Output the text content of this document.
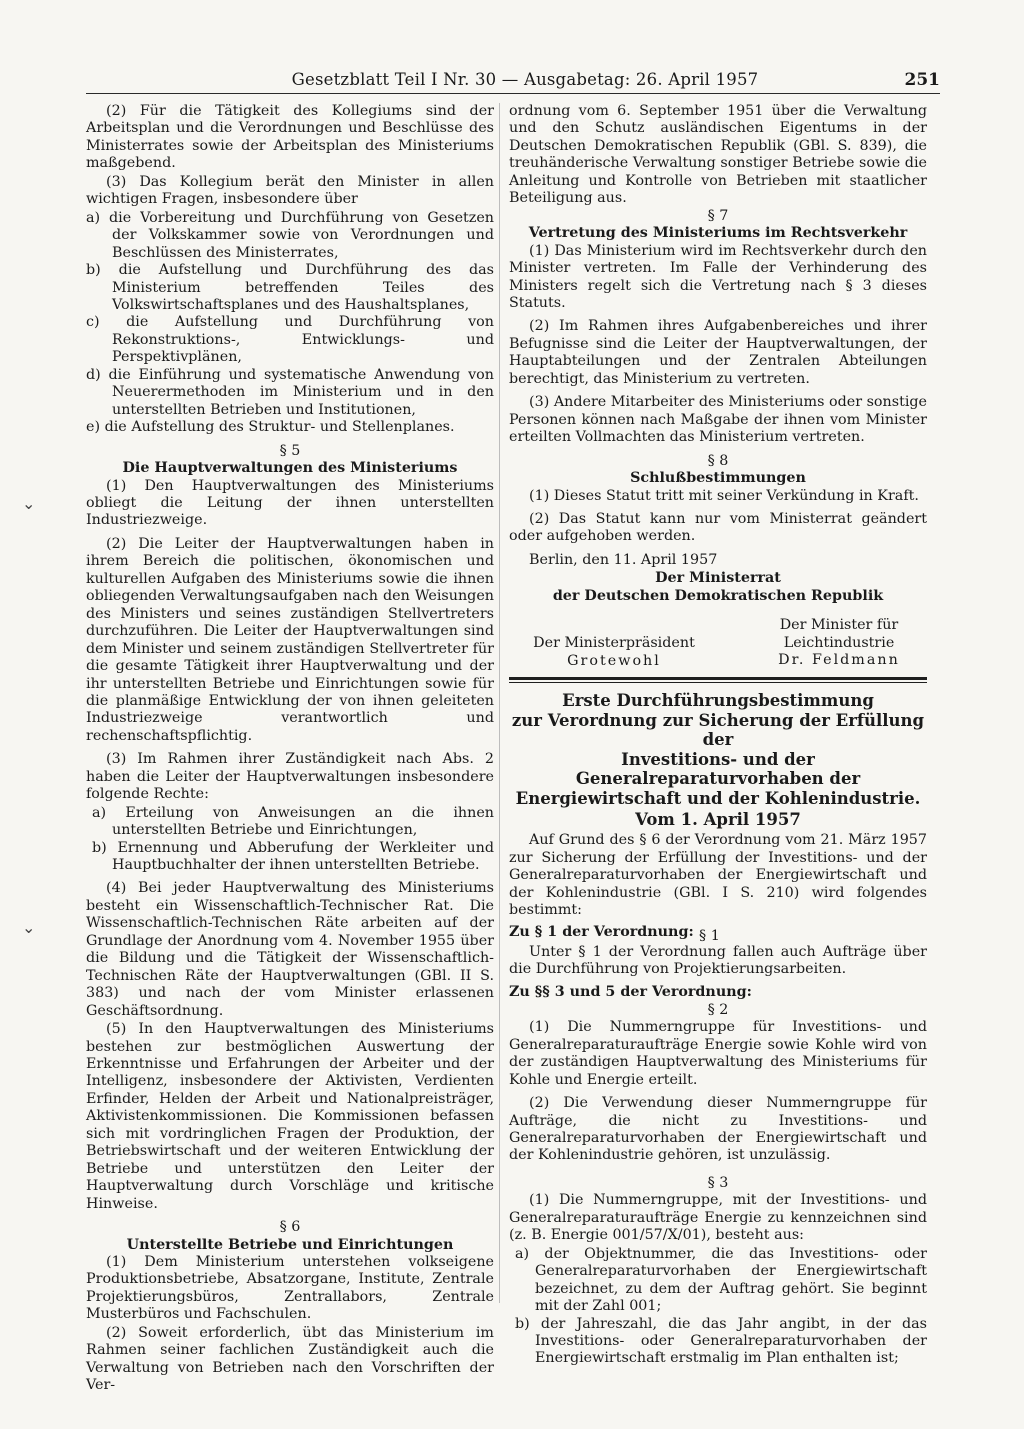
Gesetzblatt Teil I Nr. 30 — Ausgabetag: 26. April 1957	251
⌄
⌄

(2) Für die Tätigkeit des Kollegiums sind der Arbeitsplan und die Verordnungen und Beschlüsse des Ministerrates sowie der Arbeitsplan des Ministeriums maßgebend.

(3) Das Kollegium berät den Minister in allen wichtigen Fragen, insbesondere über

a) die Vorbereitung und Durchführung von Gesetzen der Volkskammer sowie von Verordnungen und Beschlüssen des Ministerrates,

b) die Aufstellung und Durchführung des das Ministerium betreffenden Teiles des Volkswirtschaftsplanes und des Haushaltsplanes,

c) die Aufstellung und Durchführung von Rekonstruktions-, Entwicklungs- und Perspektivplänen,

d) die Einführung und systematische Anwendung von Neuerermethoden im Ministerium und in den unterstellten Betrieben und Institutionen,

e) die Aufstellung des Struktur- und Stellenplanes.

§ 5

Die Hauptverwaltungen des Ministeriums

(1) Den Hauptverwaltungen des Ministeriums obliegt die Leitung der ihnen unterstellten Industriezweige.

(2) Die Leiter der Hauptverwaltungen haben in ihrem Bereich die politischen, ökonomischen und kulturellen Aufgaben des Ministeriums sowie die ihnen obliegenden Verwaltungsaufgaben nach den Weisungen des Ministers und seines zuständigen Stellvertreters durchzuführen. Die Leiter der Hauptverwaltungen sind dem Minister und seinem zuständigen Stellvertreter für die gesamte Tätigkeit ihrer Hauptverwaltung und der ihr unterstellten Betriebe und Einrichtungen sowie für die planmäßige Entwicklung der von ihnen geleiteten Industriezweige verantwortlich und rechenschaftspflichtig.

(3) Im Rahmen ihrer Zuständigkeit nach Abs. 2 haben die Leiter der Hauptverwaltungen insbesondere folgende Rechte:

a) Erteilung von Anweisungen an die ihnen unterstellten Betriebe und Einrichtungen,

b) Ernennung und Abberufung der Werkleiter und Hauptbuchhalter der ihnen unterstellten Betriebe.

(4) Bei jeder Hauptverwaltung des Ministeriums besteht ein Wissenschaftlich-Technischer Rat. Die Wissenschaftlich-Technischen Räte arbeiten auf der Grundlage der Anordnung vom 4. November 1955 über die Bildung und die Tätigkeit der Wissenschaftlich-Technischen Räte der Hauptverwaltungen (GBl. II S. 383) und nach der vom Minister erlassenen Geschäftsordnung.

(5) In den Hauptverwaltungen des Ministeriums bestehen zur bestmöglichen Auswertung der Erkenntnisse und Erfahrungen der Arbeiter und der Intelligenz, insbesondere der Aktivisten, Verdienten Erfinder, Helden der Arbeit und Nationalpreisträger, Aktivistenkommissionen. Die Kommissionen befassen sich mit vordringlichen Fragen der Produktion, der Betriebswirtschaft und der weiteren Entwicklung der Betriebe und unterstützen den Leiter der Hauptverwaltung durch Vorschläge und kritische Hinweise.

§ 6

Unterstellte Betriebe und Einrichtungen

(1) Dem Ministerium unterstehen volkseigene Produktionsbetriebe, Absatzorgane, Institute, Zentrale Projektierungsbüros, Zentrallabors, Zentrale Musterbüros und Fachschulen.

(2) Soweit erforderlich, übt das Ministerium im Rahmen seiner fachlichen Zuständigkeit auch die Verwaltung von Betrieben nach den Vorschriften der Ver-

ordnung vom 6. September 1951 über die Verwaltung und den Schutz ausländischen Eigentums in der Deutschen Demokratischen Republik (GBl. S. 839), die treuhänderische Verwaltung sonstiger Betriebe sowie die Anleitung und Kontrolle von Betrieben mit staatlicher Beteiligung aus.

§ 7

Vertretung des Ministeriums im Rechtsverkehr

(1) Das Ministerium wird im Rechtsverkehr durch den Minister vertreten. Im Falle der Verhinderung des Ministers regelt sich die Vertretung nach § 3 dieses Statuts.

(2) Im Rahmen ihres Aufgabenbereiches und ihrer Befugnisse sind die Leiter der Hauptverwaltungen, der Hauptabteilungen und der Zentralen Abteilungen berechtigt, das Ministerium zu vertreten.

(3) Andere Mitarbeiter des Ministeriums oder sonstige Personen können nach Maßgabe der ihnen vom Minister erteilten Vollmachten das Ministerium vertreten.

§ 8

Schlußbestimmungen

(1) Dieses Statut tritt mit seiner Verkündung in Kraft.

(2) Das Statut kann nur vom Ministerrat geändert oder aufgehoben werden.

Berlin, den 11. April 1957

Der Ministerrat

der Deutschen Demokratischen Republik

Der Ministerpräsident

Grotewohl

Der Minister für

Leichtindustrie

Dr. Feldmann

Erste Durchführungsbestimmung

zur Verordnung zur Sicherung der Erfüllung der

Investitions- und der Generalreparaturvorhaben der

Energiewirtschaft und der Kohlenindustrie.

Vom 1. April 1957

Auf Grund des § 6 der Verordnung vom 21. März 1957 zur Sicherung der Erfüllung der Investitions- und der Generalreparaturvorhaben der Energiewirtschaft und der Kohlenindustrie (GBl. I S. 210) wird folgendes bestimmt:

Zu § 1 der Verordnung: § 1

Unter § 1 der Verordnung fallen auch Aufträge über die Durchführung von Projektierungsarbeiten.

Zu §§ 3 und 5 der Verordnung:

§ 2

(1) Die Nummerngruppe für Investitions- und Generalreparaturaufträge Energie sowie Kohle wird von der zuständigen Hauptverwaltung des Ministeriums für Kohle und Energie erteilt.

(2) Die Verwendung dieser Nummerngruppe für Aufträge, die nicht zu Investitions- und Generalreparaturvorhaben der Energiewirtschaft und der Kohlenindustrie gehören, ist unzulässig.

§ 3

(1) Die Nummerngruppe, mit der Investitions- und Generalreparaturaufträge Energie zu kennzeichnen sind (z. B. Energie 001/57/X/01), besteht aus:

a) der Objektnummer, die das Investitions- oder Generalreparaturvorhaben der Energiewirtschaft bezeichnet, zu dem der Auftrag gehört. Sie beginnt mit der Zahl 001;

b) der Jahreszahl, die das Jahr angibt, in der das Investitions- oder Generalreparaturvorhaben der Energiewirtschaft erstmalig im Plan enthalten ist;
